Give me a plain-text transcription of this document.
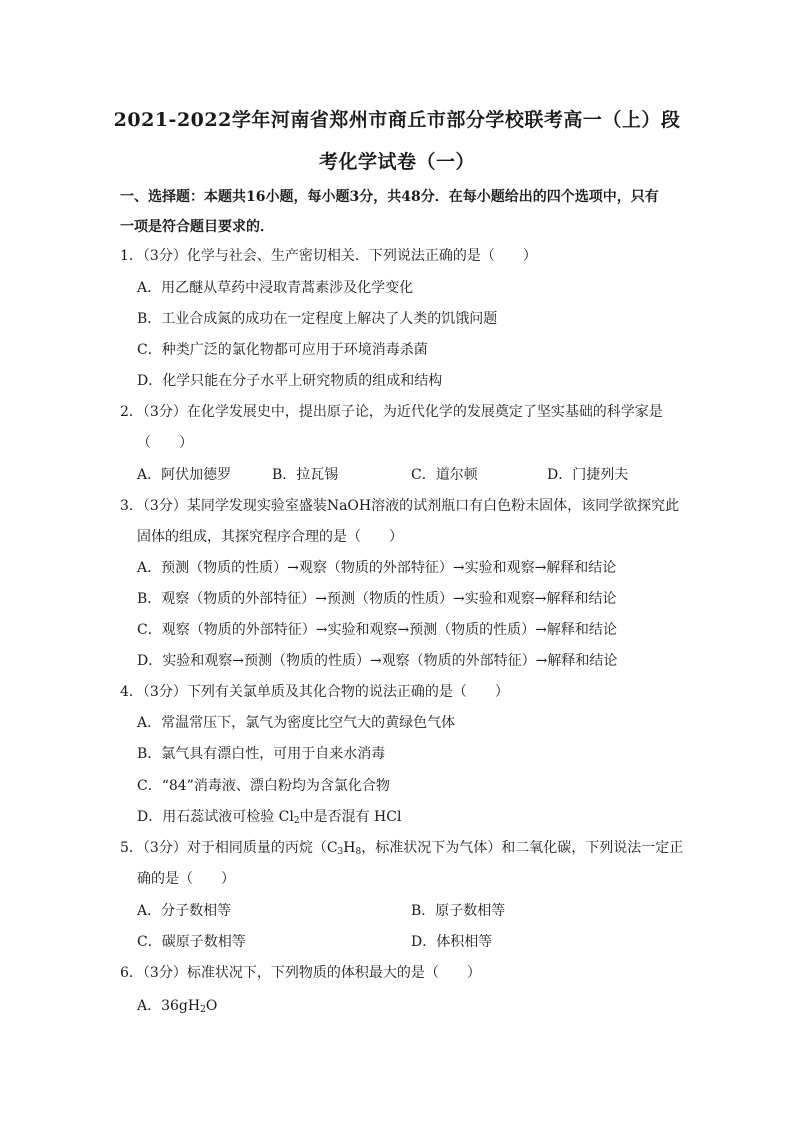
2021-2022学年河南省郑州市商丘市部分学校联考高一（上）段
考化学试卷（一）
一、选择题：本题共16小题，每小题3分，共48分．在每小题给出的四个选项中，只有
一项是符合题目要求的．
1．（3分）化学与社会、生产密切相关．下列说法正确的是（　　）
A．用乙醚从草药中浸取青蒿素涉及化学变化
B．工业合成氮的成功在一定程度上解决了人类的饥饿问题
C．种类广泛的氯化物都可应用于环境消毒杀菌
D．化学只能在分子水平上研究物质的组成和结构
2．（3分）在化学发展史中，提出原子论，为近代化学的发展奠定了坚实基础的科学家是
（　　）
A．阿伏加德罗	B．拉瓦锡	C．道尔顿	D．门捷列夫
3．（3分）某同学发现实验室盛装NaOH溶液的试剂瓶口有白色粉末固体，该同学欲探究此
固体的组成，其探究程序合理的是（　　）
A．预测（物质的性质）→观察（物质的外部特征）→实验和观察→解释和结论
B．观察（物质的外部特征）→预测（物质的性质）→实验和观察→解释和结论
C．观察（物质的外部特征）→实验和观察→预测（物质的性质）→解释和结论
D．实验和观察→预测（物质的性质）→观察（物质的外部特征）→解释和结论
4．（3分）下列有关氯单质及其化合物的说法正确的是（　　）
A．常温常压下，氯气为密度比空气大的黄绿色气体
B．氯气具有漂白性，可用于自来水消毒
C．“84”消毒液、漂白粉均为含氯化合物
D．用石蕊试液可检验 $Cl_2$中是否混有 HCl
5．（3分）对于相同质量的丙烷（$C_3H_8$，标准状况下为气体）和二氧化碳，下列说法一定正
确的是（　　）
A．分子数相等	B．原子数相等
C．碳原子数相等	D．体积相等
6．（3分）标准状况下，下列物质的体积最大的是（　　）
A．$36gH_2O$
